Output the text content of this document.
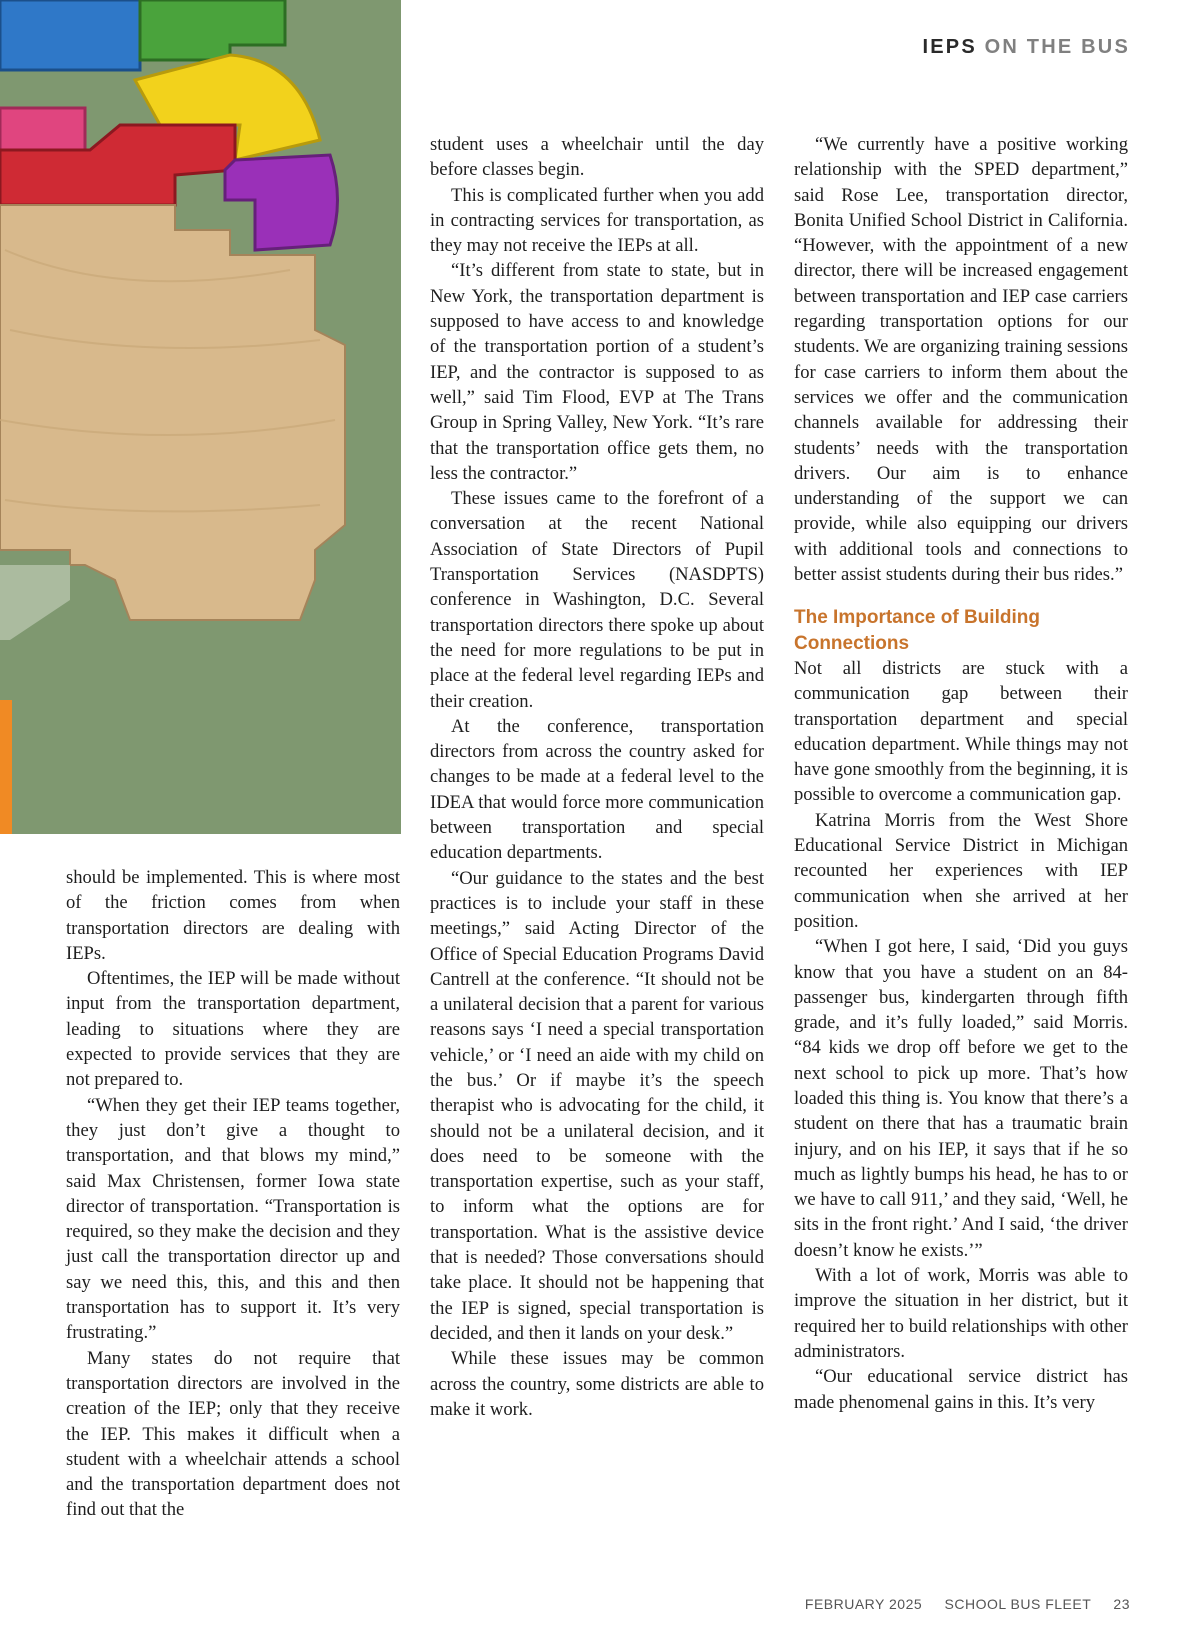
IEPS ON THE BUS

should be implemented. This is where most of the friction comes from when transportation directors are dealing with IEPs.

Oftentimes, the IEP will be made without input from the transportation department, leading to situations where they are expected to provide services that they are not prepared to.

“When they get their IEP teams together, they just don’t give a thought to transportation, and that blows my mind,” said Max Christensen, former Iowa state director of transportation. “Transportation is required, so they make the decision and they just call the transportation director up and say we need this, this, and this and then transportation has to support it. It’s very frustrating.”

Many states do not require that transportation directors are involved in the creation of the IEP; only that they receive the IEP. This makes it difficult when a student with a wheelchair attends a school and the transportation department does not find out that the

student uses a wheelchair until the day before classes begin.

This is complicated further when you add in contracting services for transportation, as they may not receive the IEPs at all.

“It’s different from state to state, but in New York, the transportation department is supposed to have access to and knowledge of the transportation portion of a student’s IEP, and the contractor is supposed to as well,” said Tim Flood, EVP at The Trans Group in Spring Valley, New York. “It’s rare that the transportation office gets them, no less the contractor.”

These issues came to the forefront of a conversation at the recent National Association of State Directors of Pupil Transportation Services (NASDPTS) conference in Washington, D.C. Several transportation directors there spoke up about the need for more regulations to be put in place at the federal level regarding IEPs and their creation.

At the conference, transportation directors from across the country asked for changes to be made at a federal level to the IDEA that would force more communication between transportation and special education departments.

“Our guidance to the states and the best practices is to include your staff in these meetings,” said Acting Director of the Office of Special Education Programs David Cantrell at the conference. “It should not be a unilateral decision that a parent for various reasons says ‘I need a special transportation vehicle,’ or ‘I need an aide with my child on the bus.’ Or if maybe it’s the speech therapist who is advocating for the child, it should not be a unilateral decision, and it does need to be someone with the transportation expertise, such as your staff, to inform what the options are for transportation. What is the assistive device that is needed? Those conversations should take place. It should not be happening that the IEP is signed, special transportation is decided, and then it lands on your desk.”

While these issues may be common across the country, some districts are able to make it work.

“We currently have a positive working relationship with the SPED department,” said Rose Lee, transportation director, Bonita Unified School District in California. “However, with the appointment of a new director, there will be increased engagement between transportation and IEP case carriers regarding transportation options for our students. We are organizing training sessions for case carriers to inform them about the services we offer and the communication channels available for addressing their students’ needs with the transportation drivers. Our aim is to enhance understanding of the support we can provide, while also equipping our drivers with additional tools and connections to better assist students during their bus rides.”

The Importance of Building Connections

Not all districts are stuck with a communication gap between their transportation department and special education department. While things may not have gone smoothly from the beginning, it is possible to overcome a communication gap.

Katrina Morris from the West Shore Educational Service District in Michigan recounted her experiences with IEP communication when she arrived at her position.

“When I got here, I said, ‘Did you guys know that you have a student on an 84-passenger bus, kindergarten through fifth grade, and it’s fully loaded,” said Morris. “84 kids we drop off before we get to the next school to pick up more. That’s how loaded this thing is. You know that there’s a student on there that has a traumatic brain injury, and on his IEP, it says that if he so much as lightly bumps his head, he has to or we have to call 911,’ and they said, ‘Well, he sits in the front right.’ And I said, ‘the driver doesn’t know he exists.’”

With a lot of work, Morris was able to improve the situation in her district, but it required her to build relationships with other administrators.

“Our educational service district has made phenomenal gains in this. It’s very

FEBRUARY 2025 SCHOOL BUS FLEET 23
